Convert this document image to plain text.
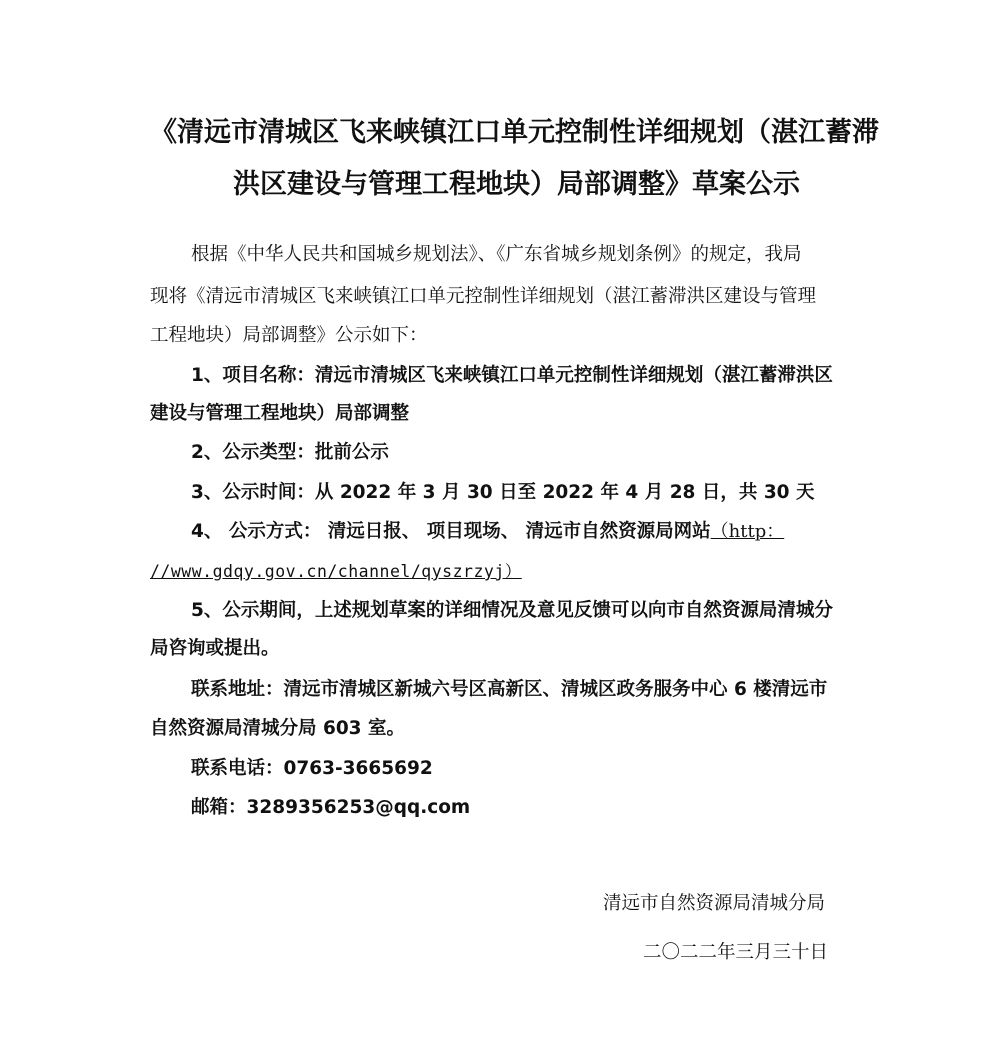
《清远市清城区飞来峡镇江口单元控制性详细规划（湛江蓄滞
洪区建设与管理工程地块）局部调整》草案公示

根据《中华人民共和国城乡规划法》、《广东省城乡规划条例》的规定，我局

现将《清远市清城区飞来峡镇江口单元控制性详细规划（湛江蓄滞洪区建设与管理

工程地块）局部调整》公示如下：

1、项目名称：清远市清城区飞来峡镇江口单元控制性详细规划（湛江蓄滞洪区

建设与管理工程地块）局部调整

2、公示类型：批前公示

3、公示时间：从 2022 年 3 月 30 日至 2022 年 4 月 28 日，共 30 天

4、 公示方式： 清远日报、 项目现场、 清远市自然资源局网站（http：

//www.gdqy.gov.cn/channel/qyszrzyj）

5、公示期间，上述规划草案的详细情况及意见反馈可以向市自然资源局清城分

局咨询或提出。

联系地址：清远市清城区新城六号区高新区、清城区政务服务中心 6 楼清远市

自然资源局清城分局 603 室。

联系电话：0763-3665692

邮箱：3289356253@qq.com

清远市自然资源局清城分局

二〇二二年三月三十日
